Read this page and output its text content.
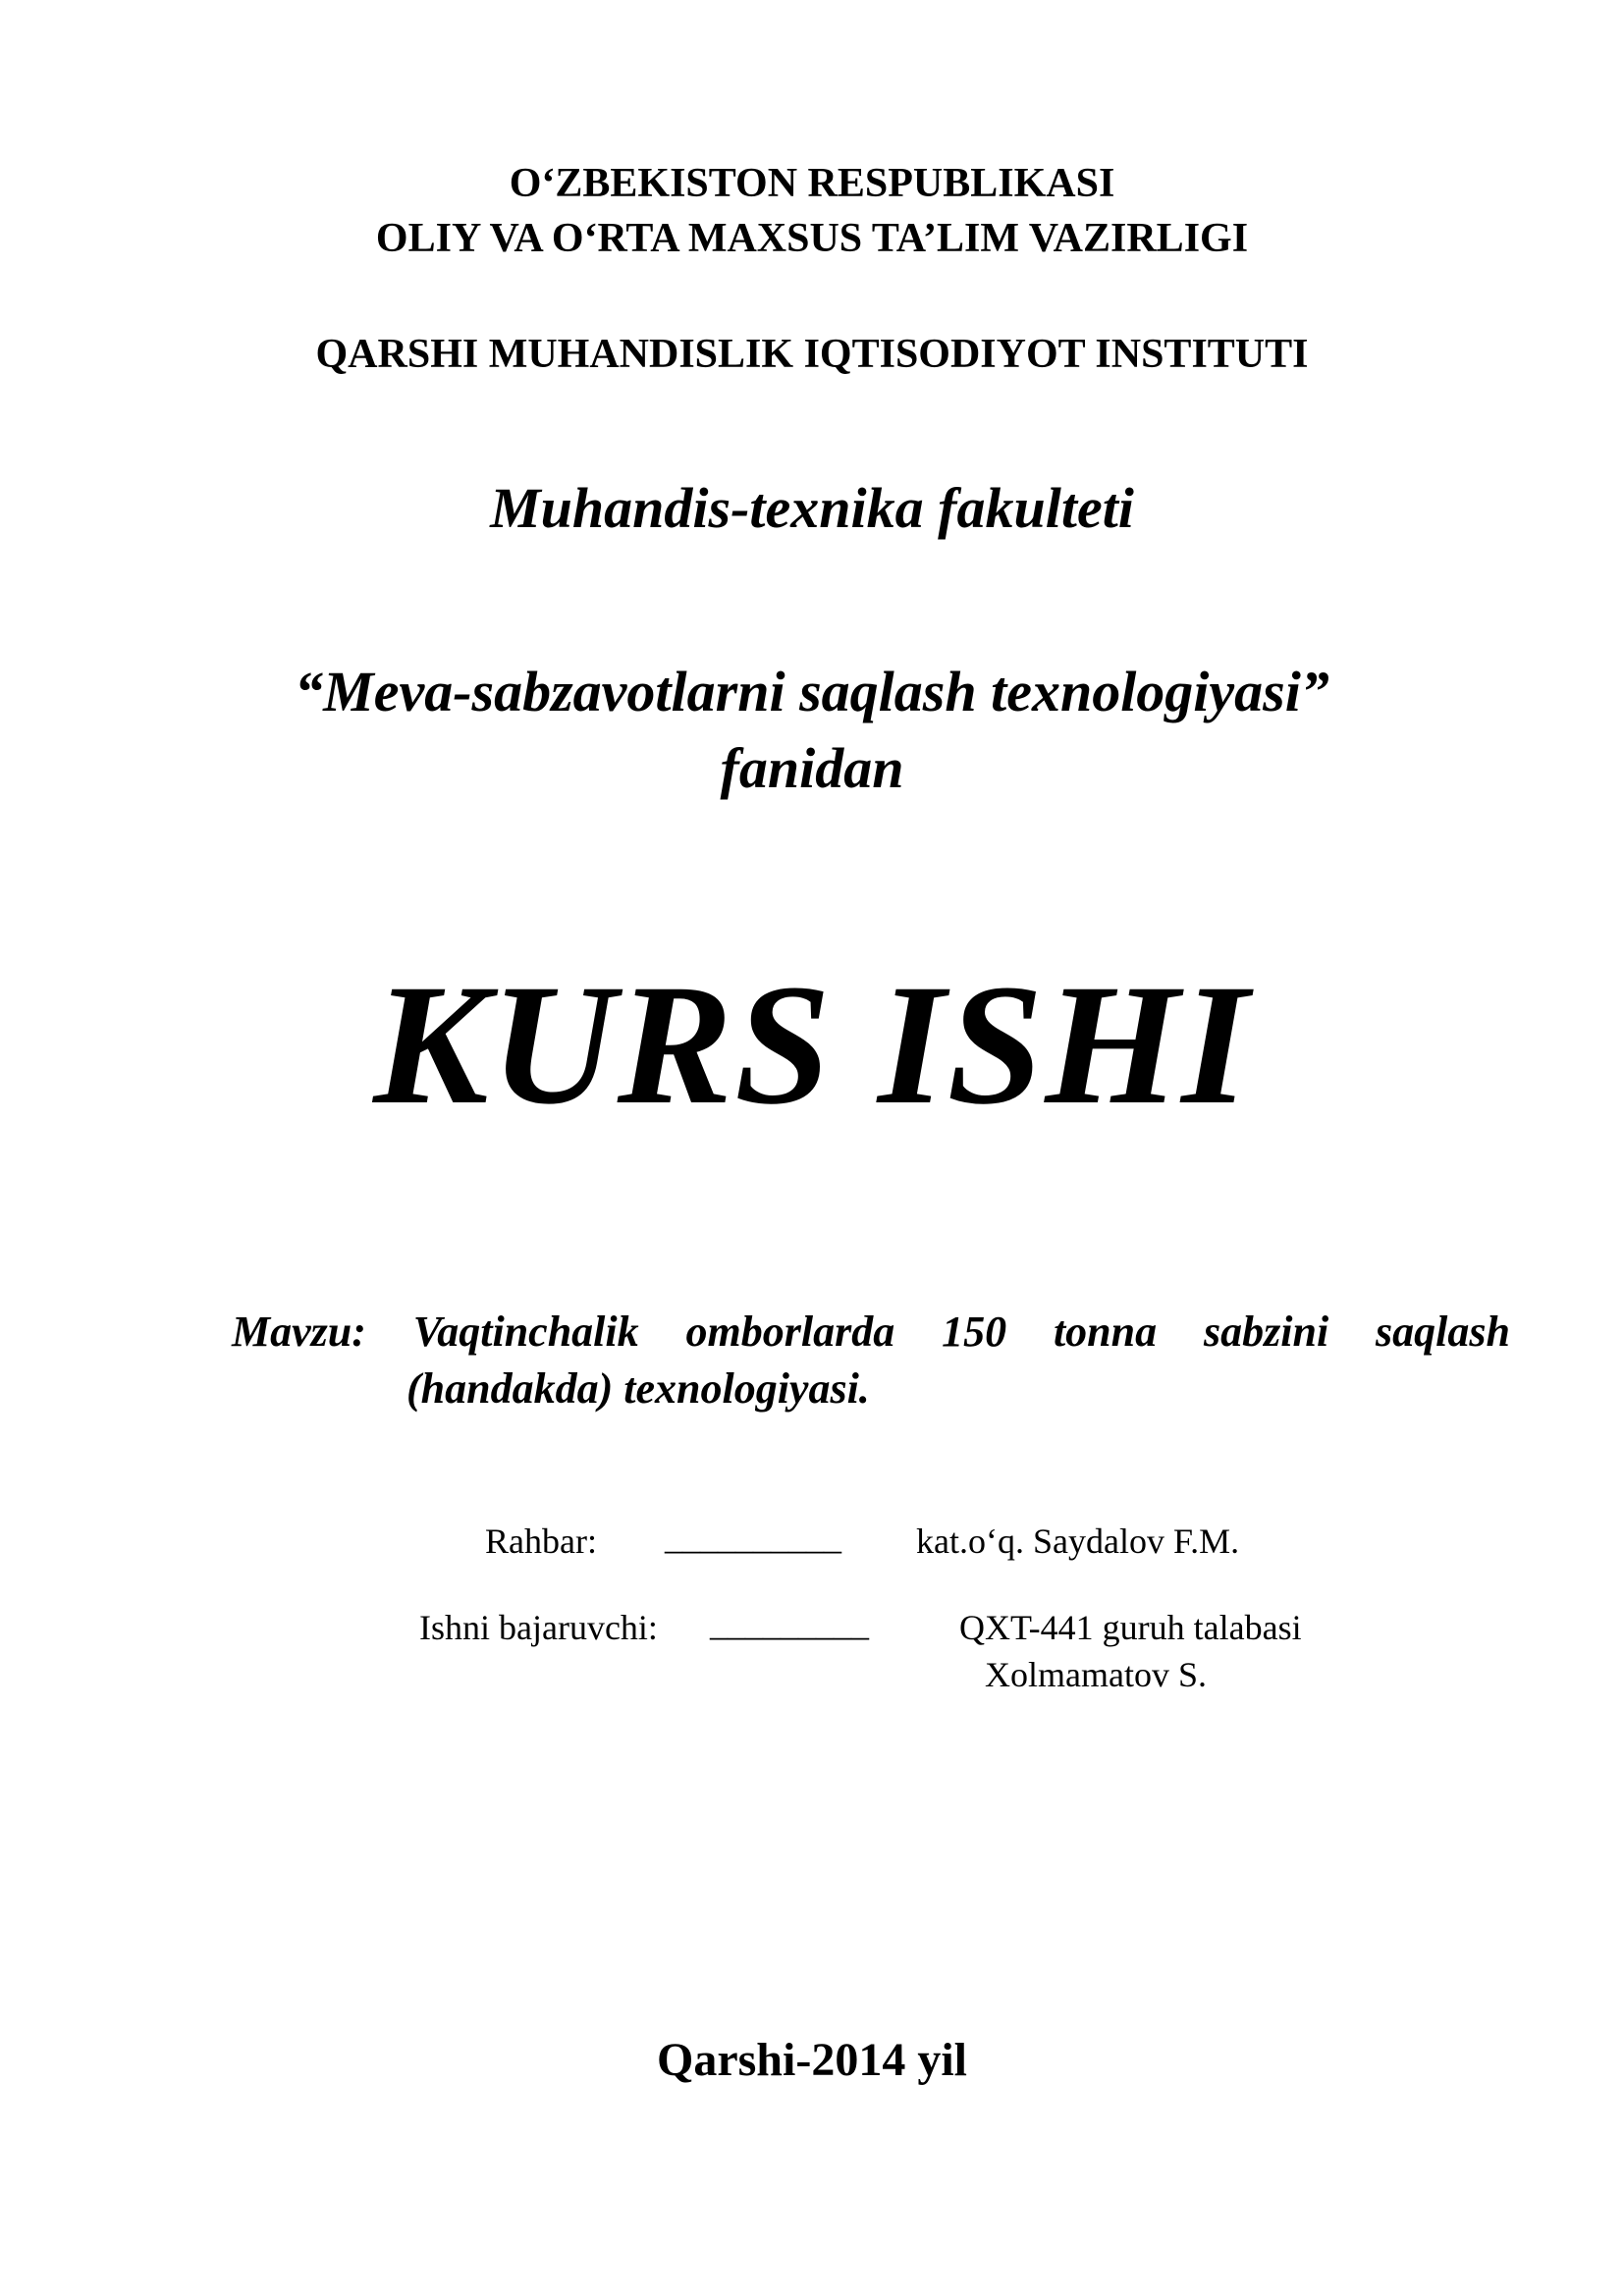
O‘ZBEKISTON RESPUBLIKASI

OLIY VA O‘RTA MAXSUS TA’LIM VAZIRLIGI

QARSHI MUHANDISLIK IQTISODIYOT INSTITUTI

Muhandis-texnika fakulteti

“Meva-sabzavotlarni saqlash texnologiyasi”

fanidan

KURS ISHI

Mavzu: Vaqtinchalik omborlarda 150 tonna sabzini saqlash
(handakda) texnologiyasi.
Rahbar: __________ kat.o‘q. Saydalov F.M.
Ishni bajaruvchi: _________	QXT-441 guruh talabasi
Xolmamatov S.

Qarshi-2014 yil
